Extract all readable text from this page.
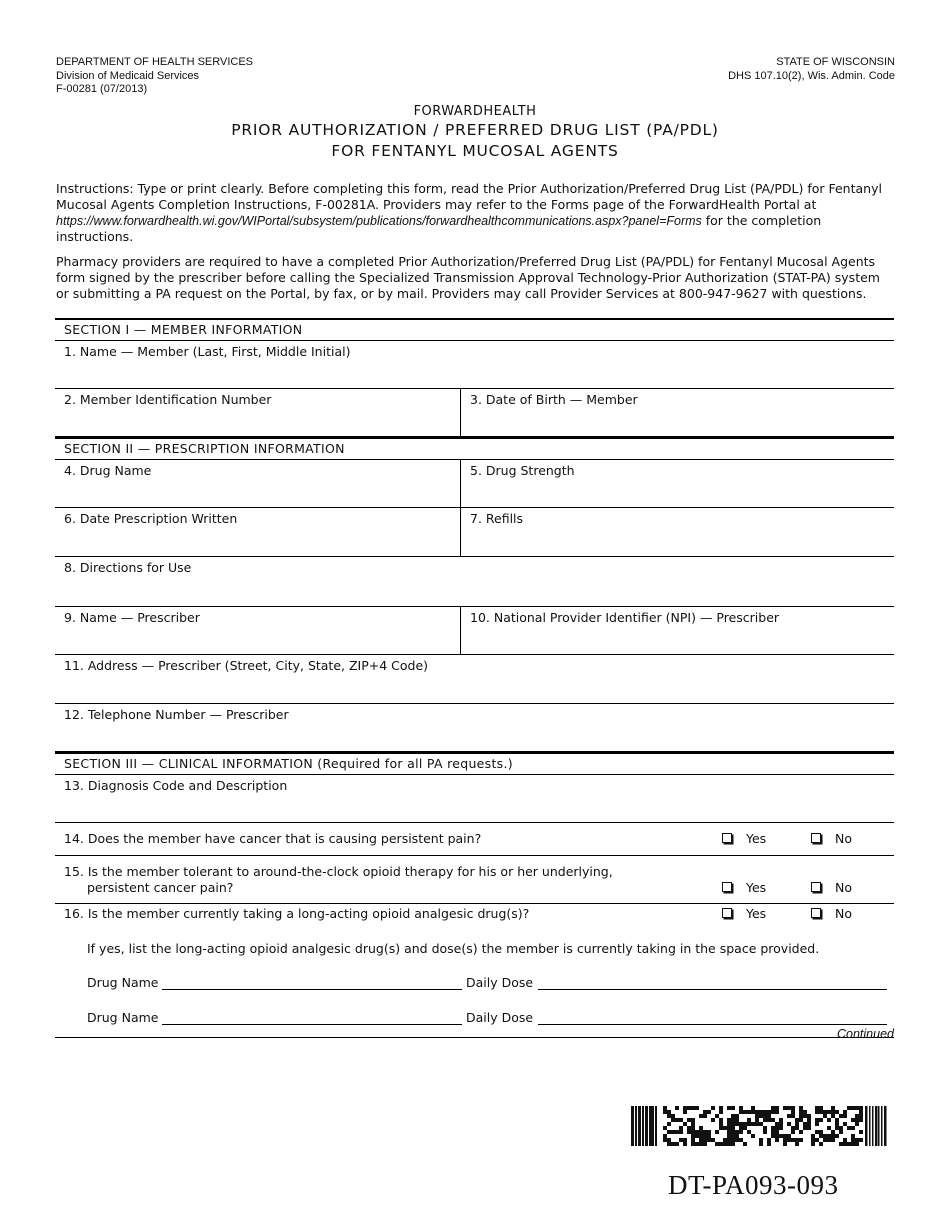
DEPARTMENT OF HEALTH SERVICES
Division of Medicaid Services
F-00281 (07/2013)
STATE OF WISCONSIN
DHS 107.10(2), Wis. Admin. Code
FORWARDHEALTH
PRIOR AUTHORIZATION / PREFERRED DRUG LIST (PA/PDL)
FOR FENTANYL MUCOSAL AGENTS
Instructions: Type or print clearly. Before completing this form, read the Prior Authorization/Preferred Drug List (PA/PDL) for Fentanyl Mucosal Agents Completion Instructions, F-00281A. Providers may refer to the Forms page of the ForwardHealth Portal at https://www.forwardhealth.wi.gov/WIPortal/subsystem/publications/forwardhealthcommunications.aspx?panel=Forms for the completion instructions.
Pharmacy providers are required to have a completed Prior Authorization/Preferred Drug List (PA/PDL) for Fentanyl Mucosal Agents form signed by the prescriber before calling the Specialized Transmission Approval Technology-Prior Authorization (STAT-PA) system or submitting a PA request on the Portal, by fax, or by mail. Providers may call Provider Services at 800-947-9627 with questions.
SECTION I — MEMBER INFORMATION
1. Name — Member (Last, First, Middle Initial)
2. Member Identification Number	3. Date of Birth — Member
SECTION II — PRESCRIPTION INFORMATION
4. Drug Name	5. Drug Strength
6. Date Prescription Written	7. Refills
8. Directions for Use
9. Name — Prescriber	10. National Provider Identifier (NPI) — Prescriber
11. Address — Prescriber (Street, City, State, ZIP+4 Code)
12. Telephone Number — Prescriber
SECTION III — CLINICAL INFORMATION (Required for all PA requests.)
13. Diagnosis Code and Description
14. Does the member have cancer that is causing persistent pain?	Yes	No
15. Is the member tolerant to around-the-clock opioid therapy for his or her underlying,
persistent cancer pain?	Yes	No
16. Is the member currently taking a long-acting opioid analgesic drug(s)?	Yes	No
If yes, list the long-acting opioid analgesic drug(s) and dose(s) the member is currently taking in the space provided.
Drug Name	Daily Dose
Drug Name	Daily Dose
Continued
DT-PA093-093
